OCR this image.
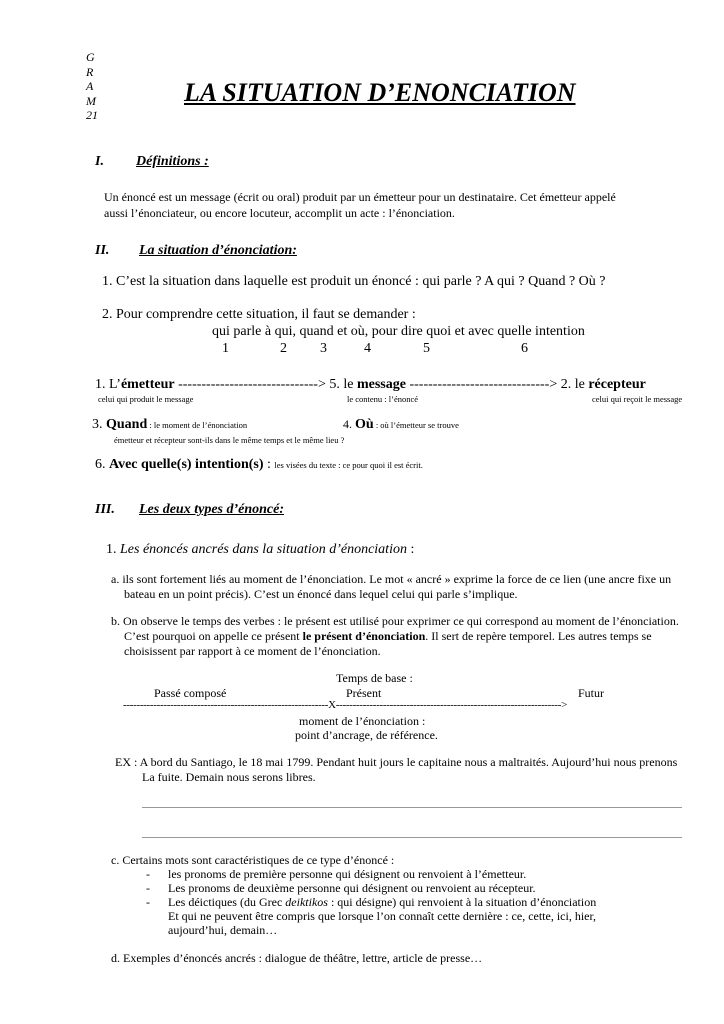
G
R
A
M
21
LA SITUATION D’ENONCIATION
I. Définitions :
Un énoncé est un message (écrit ou oral) produit par un émetteur pour un destinataire. Cet émetteur appelé
aussi l’énonciateur, ou encore locuteur, accomplit un acte : l’énonciation.
II. La situation d’énonciation:
1. C’est la situation dans laquelle est produit un énoncé : qui parle ? A qui ? Quand ? Où ?
2. Pour comprendre cette situation, il faut se demander :
qui parle à qui, quand et où, pour dire quoi et avec quelle intention
1	2 3	4	5	6
1. L’émetteur ------------------------------> 5. le message ------------------------------> 2. le récepteur
celui qui produit le message	le contenu : l’énoncé	celui qui reçoit le message
3. Quand : le moment de l’énonciation	4. Où : où l’émetteur se trouve
émetteur et récepteur sont-ils dans le même temps et le même lieu ?
6. Avec quelle(s) intention(s) : les visées du texte : ce pour quoi il est écrit.
III. Les deux types d’énoncé:
1. Les énoncés ancrés dans la situation d’énonciation :
a. ils sont fortement liés au moment de l’énonciation. Le mot « ancré » exprime la force de ce lien (une ancre fixe un
bateau en un point précis). C’est un énoncé dans lequel celui qui parle s’implique.
b. On observe le temps des verbes : le présent est utilisé pour exprimer ce qui correspond au moment de l’énonciation.
C’est pourquoi on appelle ce présent le présent d’énonciation. Il sert de repère temporel. Les autres temps se
choisissent par rapport à ce moment de l’énonciation.
Temps de base :
Passé composé	Présent	Futur
-------------------------------------------------------------X------------------------------------------------------------------->
moment de l’énonciation :
point d’ancrage, de référence.
EX : A bord du Santiago, le 18 mai 1799. Pendant huit jours le capitaine nous a maltraités. Aujourd’hui nous prenons
La fuite. Demain nous serons libres.
c. Certains mots sont caractéristiques de ce type d’énoncé :
- les pronoms de première personne qui désignent ou renvoient à l’émetteur.
- Les pronoms de deuxième personne qui désignent ou renvoient au récepteur.
- Les déictiques (du Grec deiktikos : qui désigne) qui renvoient à la situation d’énonciation
Et qui ne peuvent être compris que lorsque l’on connaît cette dernière : ce, cette, ici, hier,
aujourd’hui, demain…
d. Exemples d’énoncés ancrés : dialogue de théâtre, lettre, article de presse…
